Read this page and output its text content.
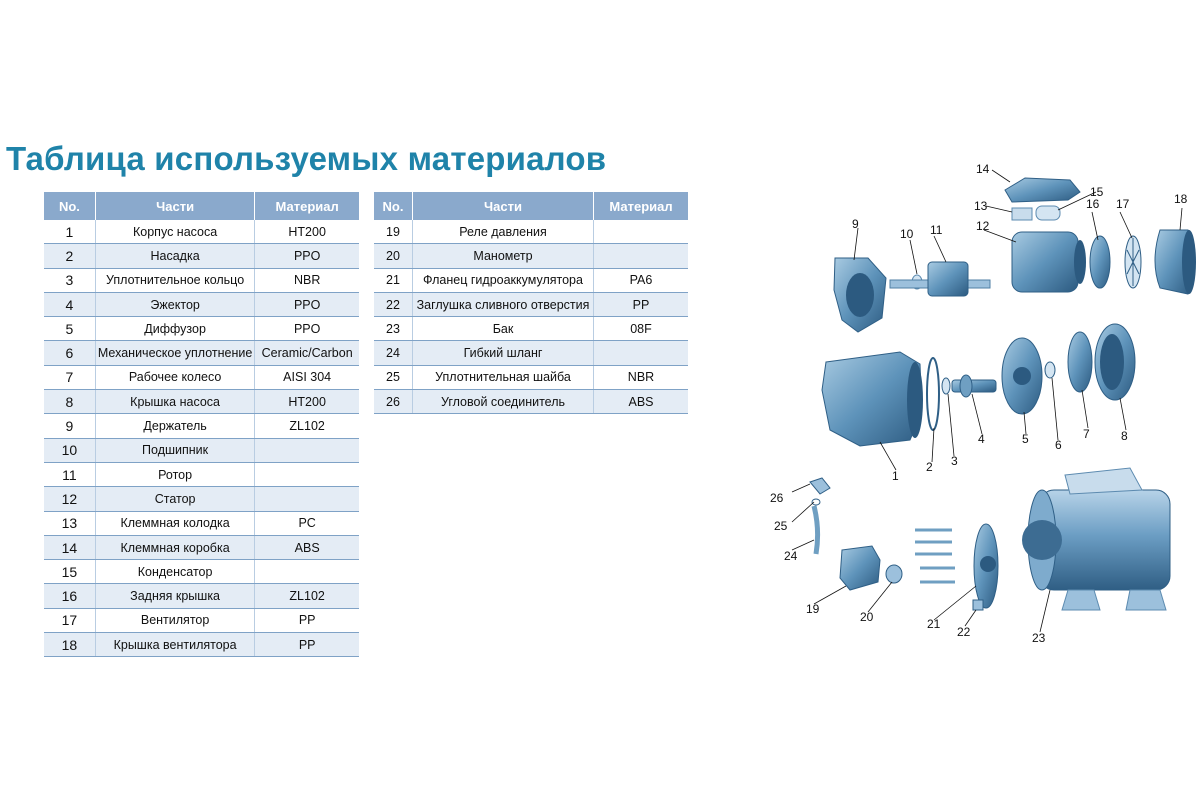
Таблица используемых материалов
No.	Части	Материал
1	Корпус насоса	HT200
2	Насадка	PPO
3	Уплотнительное кольцо	NBR
4	Эжектор	PPO
5	Диффузор	PPO
6	Механическое уплотнение	Ceramic/Carbon
7	Рабочее колесо	AISI 304
8	Крышка насоса	HT200
9	Держатель	ZL102
10	Подшипник	
11	Ротор	
12	Статор	
13	Клеммная колодка	PC
14	Клеммная коробка	ABS
15	Конденсатор	
16	Задняя крышка	ZL102
17	Вентилятор	PP
18	Крышка вентилятора	PP
No.	Части	Материал
19	Реле давления	
20	Манометр	
21	Фланец гидроаккумулятора	PA6
22	Заглушка сливного отверстия	PP
23	Бак	08F
24	Гибкий шланг	
25	Уплотнительная шайба	NBR
26	Угловой соединитель	ABS
14
13
15
12
11
10
9
16 17	18
1
2 3
4	5 6
7	8
26
25
24
19
20	21
22	23
